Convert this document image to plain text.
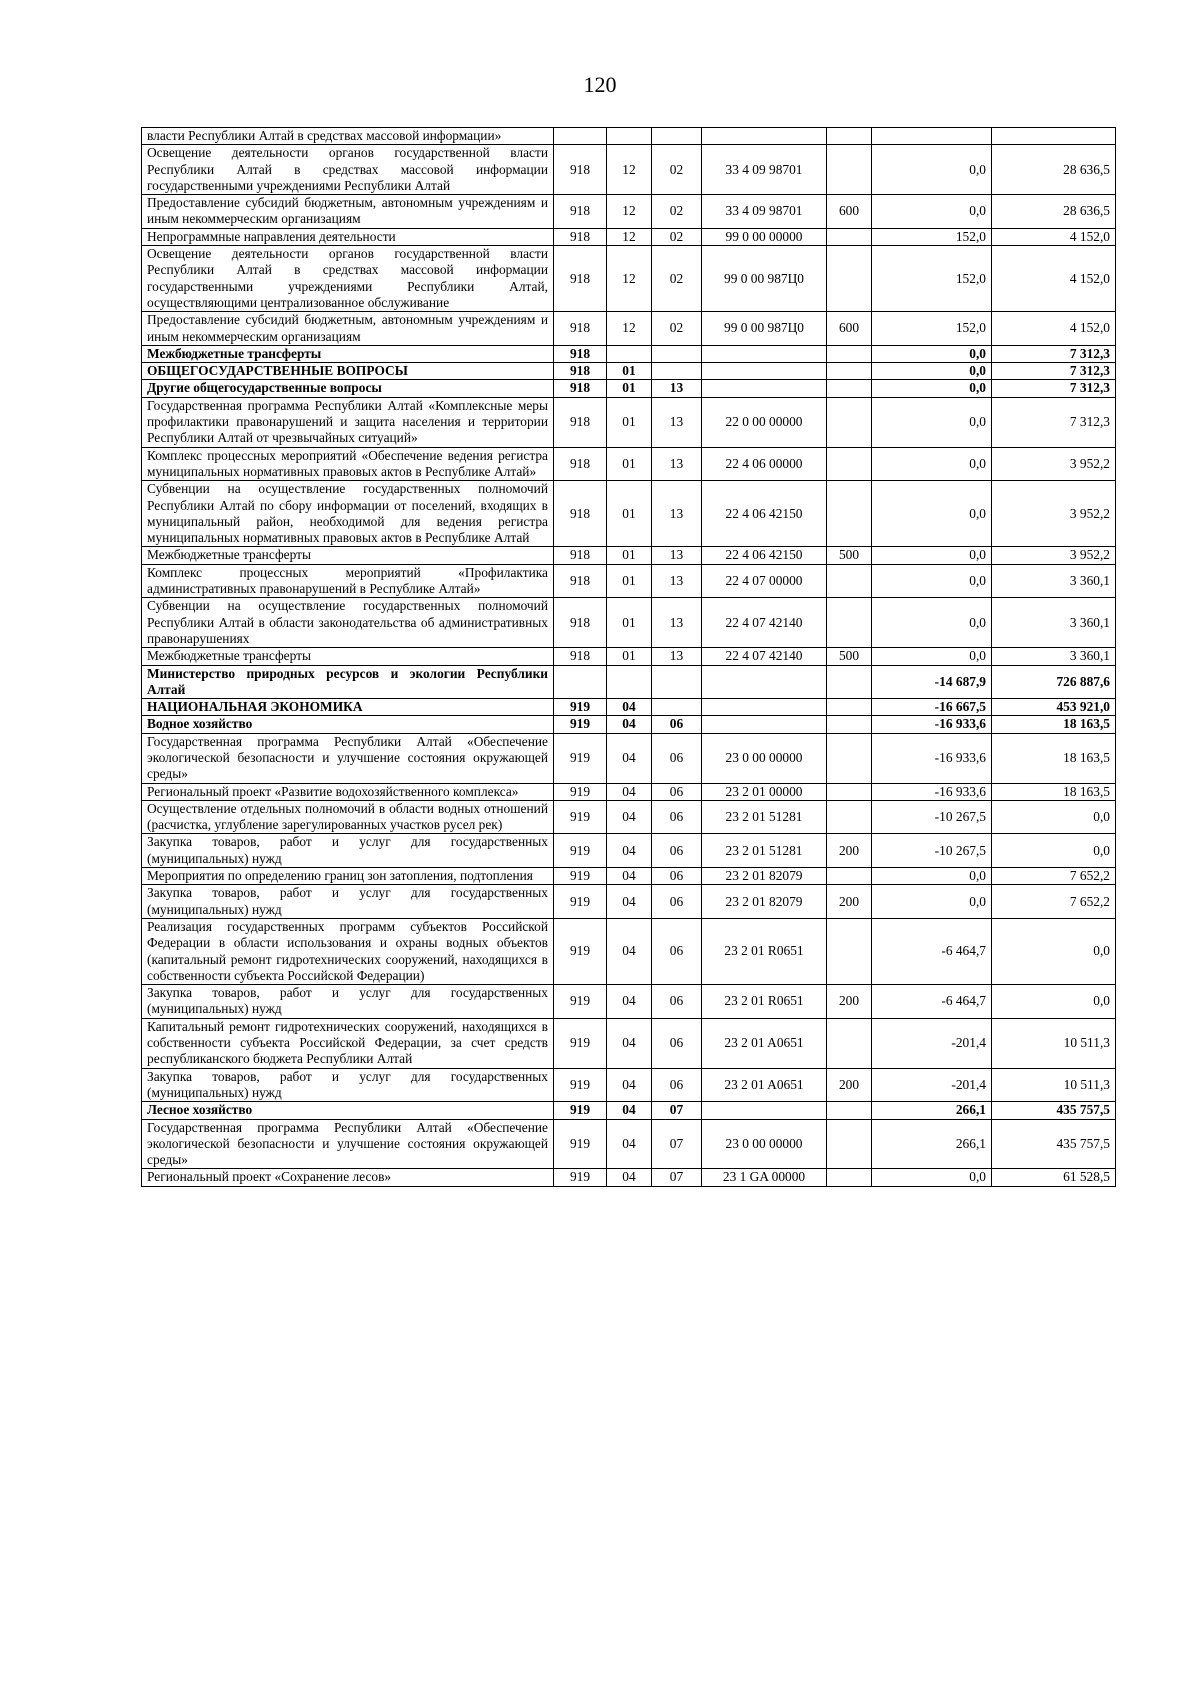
120
власти Республики Алтай в средствах массовой информации»							
Освещение деятельности органов государственной власти Республики Алтай в средствах массовой информации государственными учреждениями Республики Алтай	918	12	02	33 4 09 98701		0,0	28 636,5
Предоставление субсидий бюджетным, автономным учреждениям и иным некоммерческим организациям	918	12	02	33 4 09 98701	600	0,0	28 636,5
Непрограммные направления деятельности	918	12	02	99 0 00 00000		152,0	4 152,0
Освещение деятельности органов государственной власти Республики Алтай в средствах массовой информации государственными учреждениями Республики Алтай, осуществляющими централизованное обслуживание	918	12	02	99 0 00 987Ц0		152,0	4 152,0
Предоставление субсидий бюджетным, автономным учреждениям и иным некоммерческим организациям	918	12	02	99 0 00 987Ц0	600	152,0	4 152,0
Межбюджетные трансферты	918					0,0	7 312,3
ОБЩЕГОСУДАРСТВЕННЫЕ ВОПРОСЫ	918	01				0,0	7 312,3
Другие общегосударственные вопросы	918	01	13			0,0	7 312,3
Государственная программа Республики Алтай «Комплексные меры профилактики правонарушений и защита населения и территории Республики Алтай от чрезвычайных ситуаций»	918	01	13	22 0 00 00000		0,0	7 312,3
Комплекс процессных мероприятий «Обеспечение ведения регистра муниципальных нормативных правовых актов в Республике Алтай»	918	01	13	22 4 06 00000		0,0	3 952,2
Субвенции на осуществление государственных полномочий Республики Алтай по сбору информации от поселений, входящих в муниципальный район, необходимой для ведения регистра муниципальных нормативных правовых актов в Республике Алтай	918	01	13	22 4 06 42150		0,0	3 952,2
Межбюджетные трансферты	918	01	13	22 4 06 42150	500	0,0	3 952,2
Комплекс процессных мероприятий «Профилактика административных правонарушений в Республике Алтай»	918	01	13	22 4 07 00000		0,0	3 360,1
Субвенции на осуществление государственных полномочий Республики Алтай в области законодательства об административных правонарушениях	918	01	13	22 4 07 42140		0,0	3 360,1
Межбюджетные трансферты	918	01	13	22 4 07 42140	500	0,0	3 360,1
Министерство природных ресурсов и экологии Республики Алтай						-14 687,9	726 887,6
НАЦИОНАЛЬНАЯ ЭКОНОМИКА	919	04				-16 667,5	453 921,0
Водное хозяйство	919	04	06			-16 933,6	18 163,5
Государственная программа Республики Алтай «Обеспечение экологической безопасности и улучшение состояния окружающей среды»	919	04	06	23 0 00 00000		-16 933,6	18 163,5
Региональный проект «Развитие водохозяйственного комплекса»	919	04	06	23 2 01 00000		-16 933,6	18 163,5
Осуществление отдельных полномочий в области водных отношений (расчистка, углубление зарегулированных участков русел рек)	919	04	06	23 2 01 51281		-10 267,5	0,0
Закупка товаров, работ и услуг для государственных (муниципальных) нужд	919	04	06	23 2 01 51281	200	-10 267,5	0,0
Мероприятия по определению границ зон затопления, подтопления	919	04	06	23 2 01 82079		0,0	7 652,2
Закупка товаров, работ и услуг для государственных (муниципальных) нужд	919	04	06	23 2 01 82079	200	0,0	7 652,2
Реализация государственных программ субъектов Российской Федерации в области использования и охраны водных объектов (капитальный ремонт гидротехнических сооружений, находящихся в собственности субъекта Российской Федерации)	919	04	06	23 2 01 R0651		-6 464,7	0,0
Закупка товаров, работ и услуг для государственных (муниципальных) нужд	919	04	06	23 2 01 R0651	200	-6 464,7	0,0
Капитальный ремонт гидротехнических сооружений, находящихся в собственности субъекта Российской Федерации, за счет средств республиканского бюджета Республики Алтай	919	04	06	23 2 01 A0651		-201,4	10 511,3
Закупка товаров, работ и услуг для государственных (муниципальных) нужд	919	04	06	23 2 01 A0651	200	-201,4	10 511,3
Лесное хозяйство	919	04	07			266,1	435 757,5
Государственная программа Республики Алтай «Обеспечение экологической безопасности и улучшение состояния окружающей среды»	919	04	07	23 0 00 00000		266,1	435 757,5
Региональный проект «Сохранение лесов»	919	04	07	23 1 GA 00000		0,0	61 528,5
